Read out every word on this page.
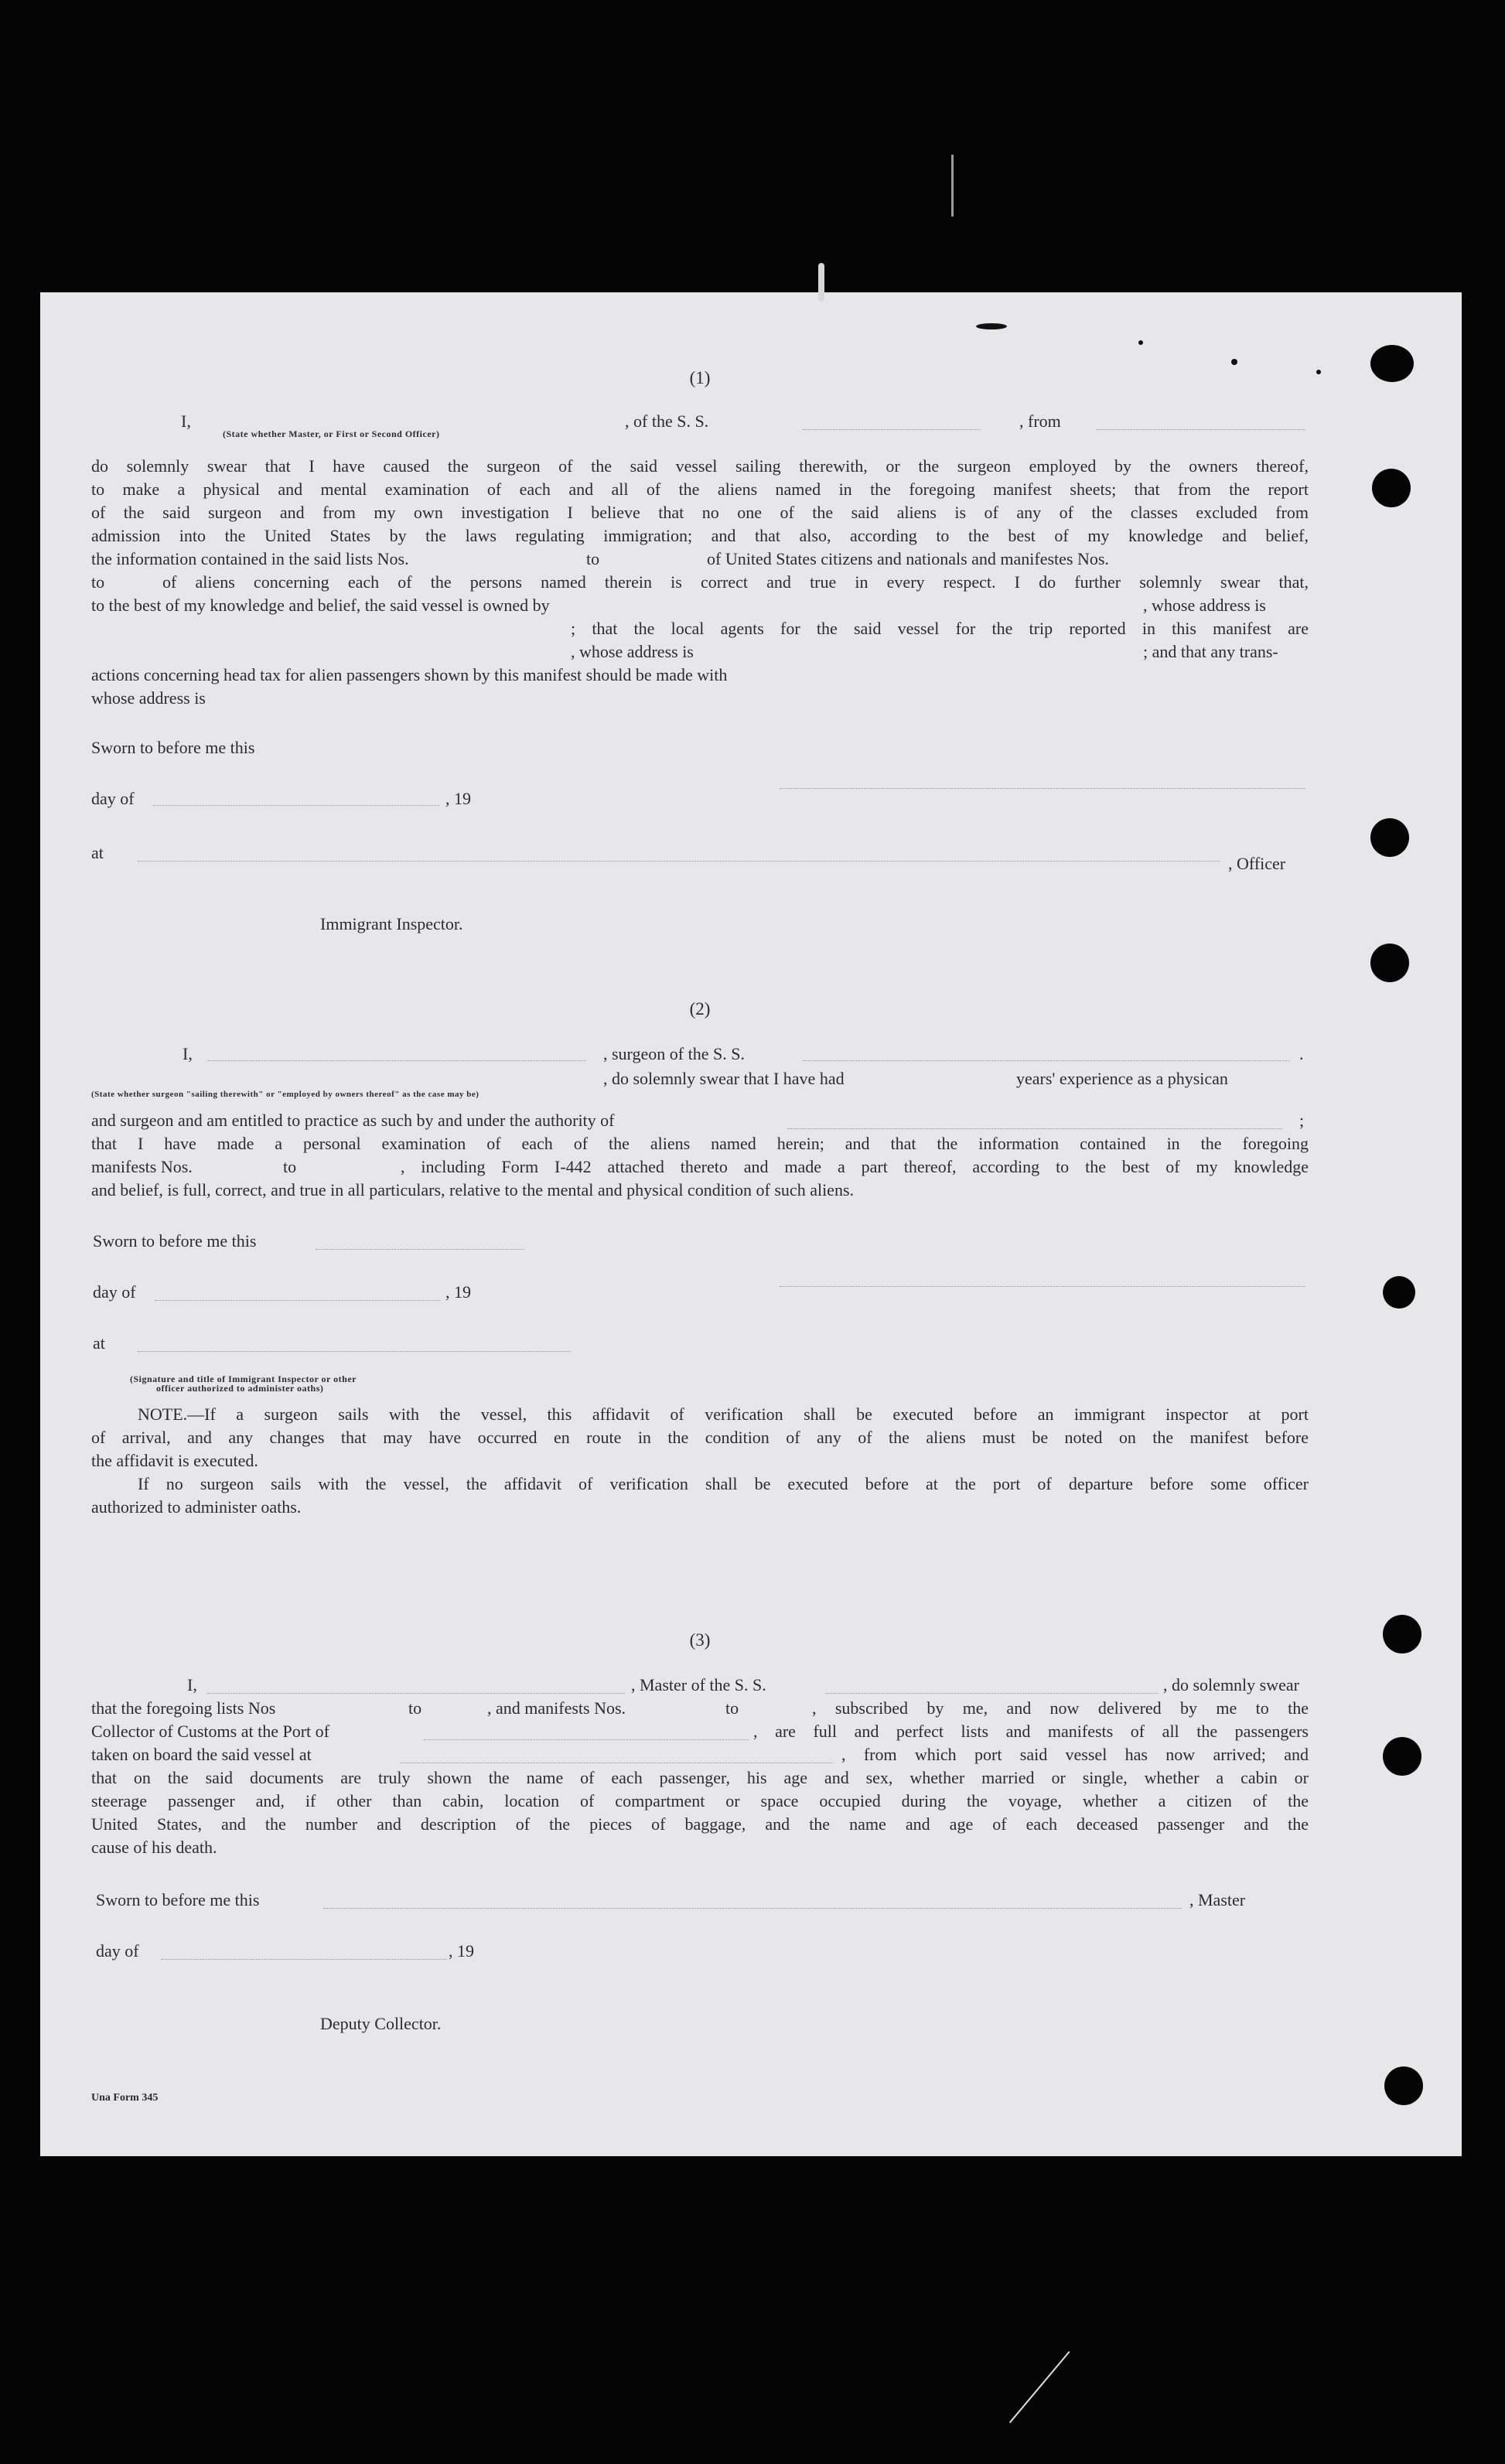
(1)
I,	, of the S. S.	, from
(State whether Master, or First or Second Officer)
do solemnly swear that I have caused the surgeon of the said vessel sailing therewith, or the surgeon employed by the owners thereof,
to make a physical and mental examination of each and all of the aliens named in the foregoing manifest sheets; that from the report
of the said surgeon and from my own investigation I believe that no one of the said aliens is of any of the classes excluded from
admission into the United States by the laws regulating immigration; and that also, according to the best of my knowledge and belief,
the information contained in the said lists Nos.	to	of United States citizens and nationals and manifestes Nos.
to	of aliens concerning each of the persons named therein is correct and true in every respect. I do further solemnly swear that,
to the best of my knowledge and belief, the said vessel is owned by	, whose address is
; that the local agents for the said vessel for the trip reported in this manifest are
, whose address is	; and that any trans-
actions concerning head tax for alien passengers shown by this manifest should be made with
whose address is
Sworn to before me this
day of	, 19
at
, Officer
Immigrant Inspector.
(2)
I,	, surgeon of the S. S.	.
, do solemnly swear that I have had	years' experience as a physican
(State whether surgeon "sailing therewith" or "employed by owners thereof" as the case may be)
and surgeon and am entitled to practice as such by and under the authority of	;
that I have made a personal examination of each of the aliens named herein; and that the information contained in the foregoing
manifests Nos.	to	, including Form I-442 attached thereto and made a part thereof, according to the best of my knowledge
and belief, is full, correct, and true in all particulars, relative to the mental and physical condition of such aliens.
Sworn to before me this
day of	, 19
at
(Signature and title of Immigrant Inspector or other
officer authorized to administer oaths)
NOTE.—If a surgeon sails with the vessel, this affidavit of verification shall be executed before an immigrant inspector at port
of arrival, and any changes that may have occurred en route in the condition of any of the aliens must be noted on the manifest before
the affidavit is executed.
If no surgeon sails with the vessel, the affidavit of verification shall be executed before at the port of departure before some officer
authorized to administer oaths.
(3)
I,	, Master of the S. S.	, do solemnly swear
that the foregoing lists Nos	to	, and manifests Nos.	to	, subscribed by me, and now delivered by me to the
Collector of Customs at the Port of	, are full and perfect lists and manifests of all the passengers
taken on board the said vessel at	, from which port said vessel has now arrived; and
that on the said documents are truly shown the name of each passenger, his age and sex, whether married or single, whether a cabin or
steerage passenger and, if other than cabin, location of compartment or space occupied during the voyage, whether a citizen of the
United States, and the number and description of the pieces of baggage, and the name and age of each deceased passenger and the
cause of his death.
Sworn to before me this	, Master
day of	, 19
Deputy Collector.
Una Form 345
